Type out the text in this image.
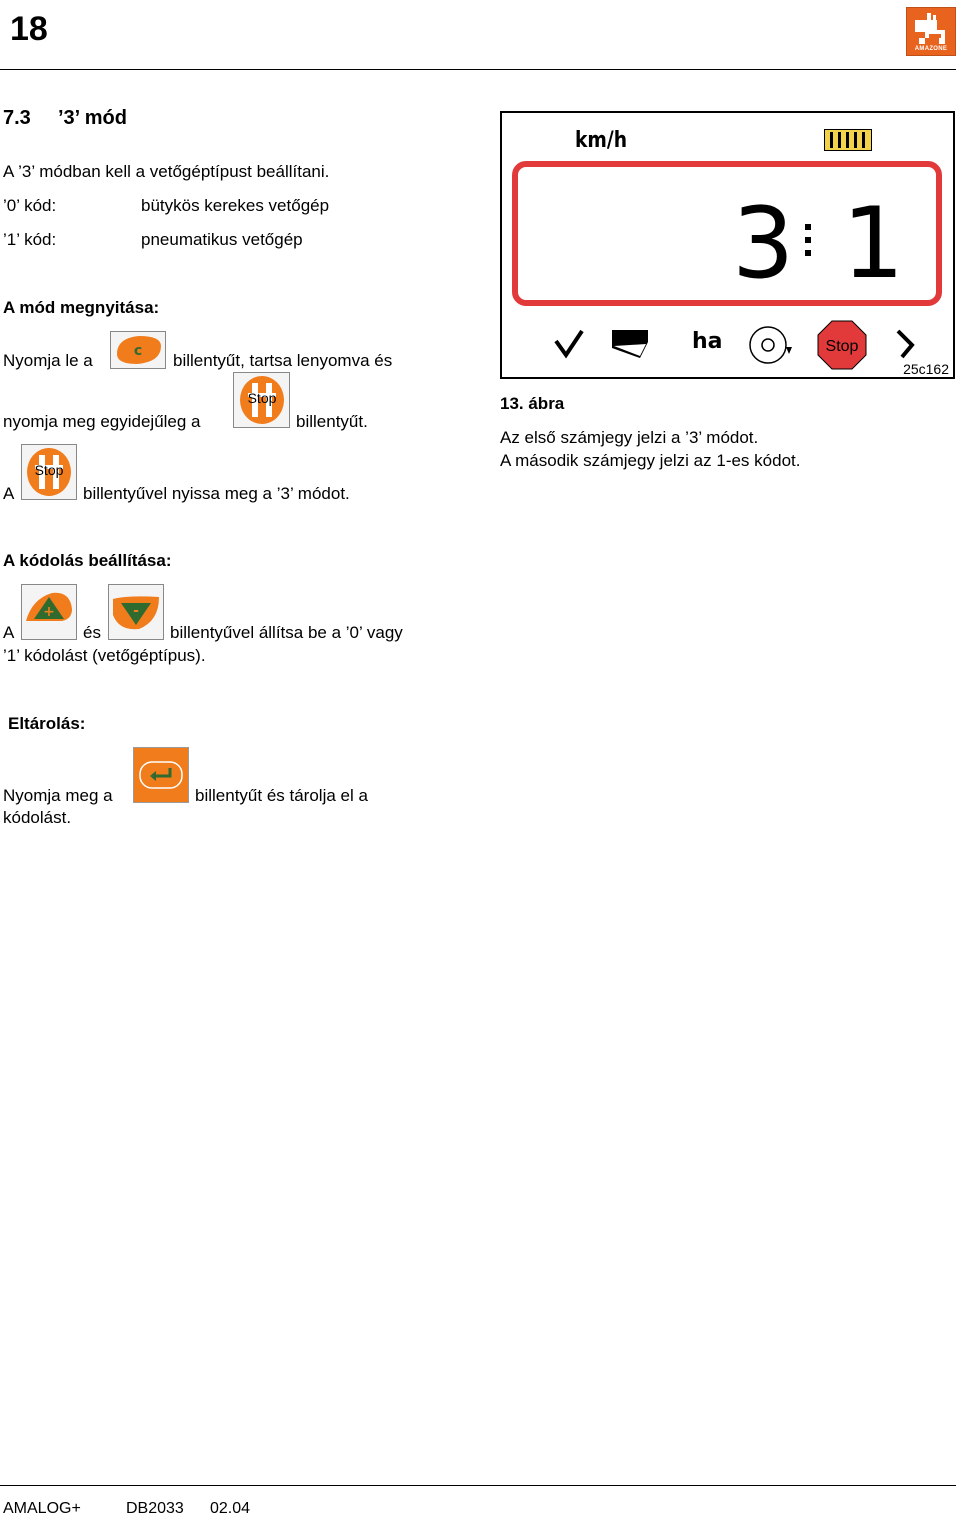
18
AMAZONE
7.3 ’3’ mód
A ’3’ módban kell a vetőgéptípust beállítani.
’0’ kód:	bütykös kerekes vetőgép
’1’ kód:	pneumatikus vetőgép
A mód megnyitása:
Nyomja le a	c billentyűt, tartsa lenyomva és
nyomja meg egyidejűleg a
Stop
billentyűt.
A
Stop
billentyűvel nyissa meg a ’3’ módot.
km/h
3 1
ha	Stop
25c162
13. ábra
Az első számjegy jelzi a ’3’ módot.
A második számjegy jelzi az 1-es kódot.
A kódolás beállítása:
A
+
és
-
billentyűvel állítsa be a ’0’ vagy
’1’ kódolást (vetőgéptípus).
Eltárolás:
Nyomja meg a	billentyűt és tárolja el a
kódolást.
AMALOG+	DB2033 02.04
